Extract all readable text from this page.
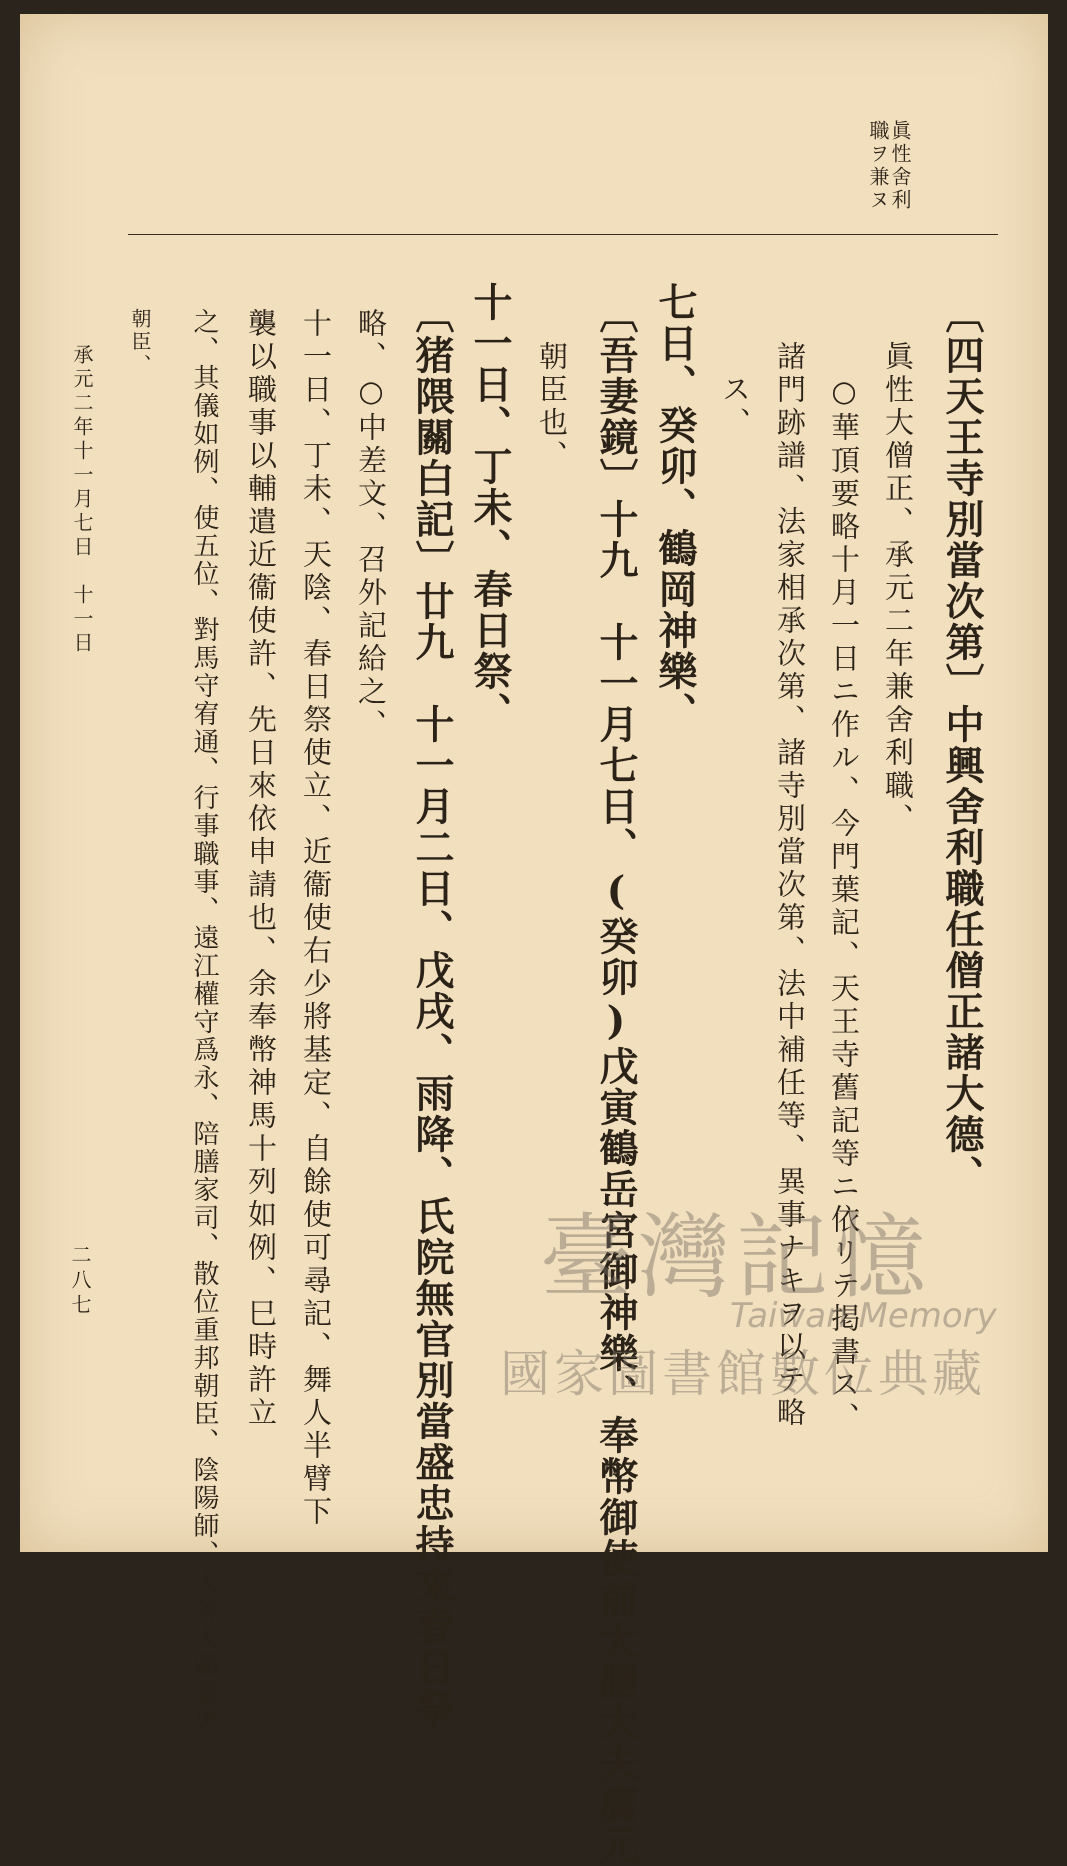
眞性舍利
職ヲ兼ヌ
〔四天王寺別當次第〕中興舍利職任僧正諸大德、
　眞性大僧正、承元二年兼舍利職、
　　○華頂要略十月一日ニ作ル、今門葉記、天王寺舊記等ニ依リテ掲書ス、
　諸門跡譜、法家相承次第、諸寺別當次第、法中補任等、異事ナキヲ以テ略
　　ス、
七日、癸卯、鶴岡神樂、
〔吾妻鏡〕十九　十一月七日、(癸卯)戊寅鶴岳宮御神樂、奉幣御使前大膳大夫廣元
　朝臣也、
十一日、丁未、春日祭、
〔猪隈關白記〕廿九　十一月二日、戊戌、雨降、氏院無官別當盛忠持來春日祭
略、○中差文、召外記給之、
十一日、丁未、天陰、春日祭使立、近衞使右少將基定、自餘使可尋記、舞人半臂下
襲以職事以輔遣近衞使許、先日來依申請也、余奉幣神馬十列如例、巳時許立
之、其儀如例、使五位、對馬守宥通、行事職事、遠江權守爲永、陪膳家司、散位重邦朝臣、陰陽師、大舍人頭泰忠
朝臣、
承元二年十一月七日　十一日
二八七	臺灣記憶
Taiwan Memory
國家圖書館數位典藏
